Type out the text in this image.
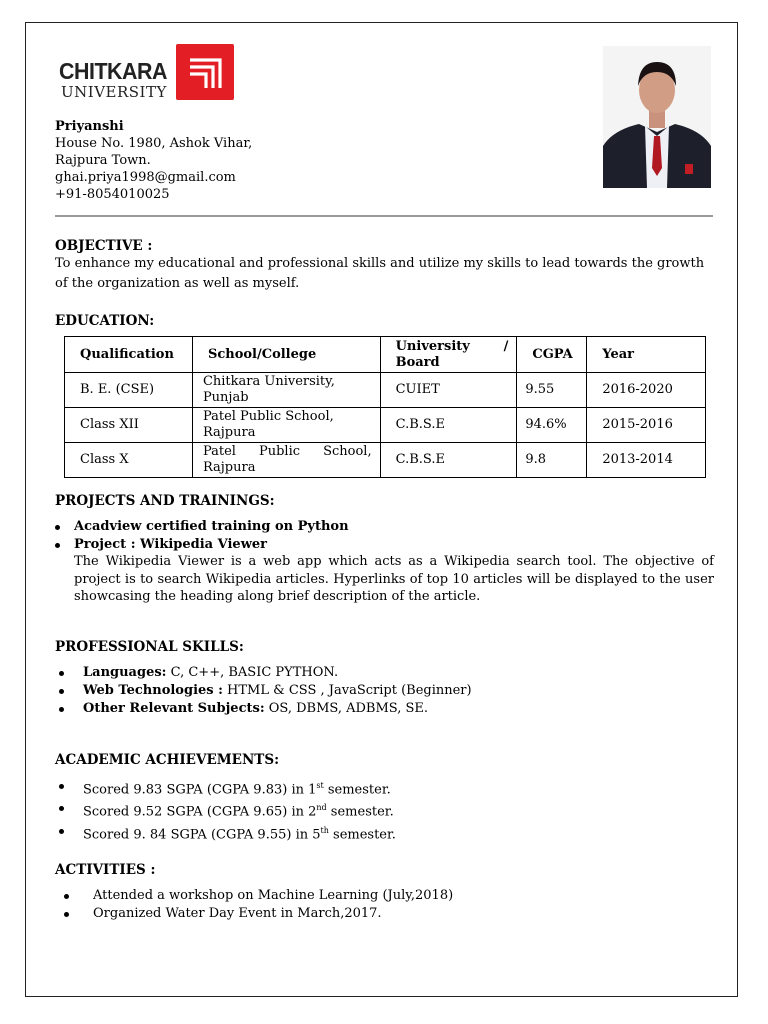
CHITKARA
UNIVERSITY
Priyanshi
House No. 1980, Ashok Vihar,
Rajpura Town.
ghai.priya1998@gmail.com
+91-8054010025
OBJECTIVE :
To enhance my educational and professional skills and utilize my skills to lead towards the growth of the organization as well as myself.
EDUCATION:
Qualification	School/College	University / Board	CGPA	Year
B. E. (CSE)	Chitkara University, Punjab	CUIET	9.55	2016-2020
Class XII	Patel Public School, Rajpura	C.B.S.E	94.6%	2015-2016
Class X	Patel Public School, Rajpura	C.B.S.E	9.8	2013-2014
PROJECTS AND TRAININGS:
Acadview certified training on Python
Project : Wikipedia Viewer
The Wikipedia Viewer is a web app which acts as a Wikipedia search tool. The objective of project is to search Wikipedia articles. Hyperlinks of top 10 articles will be displayed to the user showcasing the heading along brief description of the article.
PROFESSIONAL SKILLS:
Languages: C, C++, BASIC PYTHON.
Web Technologies : HTML & CSS , JavaScript (Beginner)
Other Relevant Subjects: OS, DBMS, ADBMS, SE.
ACADEMIC ACHIEVEMENTS:
Scored 9.83 SGPA (CGPA 9.83) in 1st semester.
Scored 9.52 SGPA (CGPA 9.65) in 2nd semester.
Scored 9. 84 SGPA (CGPA 9.55) in 5th semester.
ACTIVITIES :
Attended a workshop on Machine Learning (July,2018)
Organized Water Day Event in March,2017.
